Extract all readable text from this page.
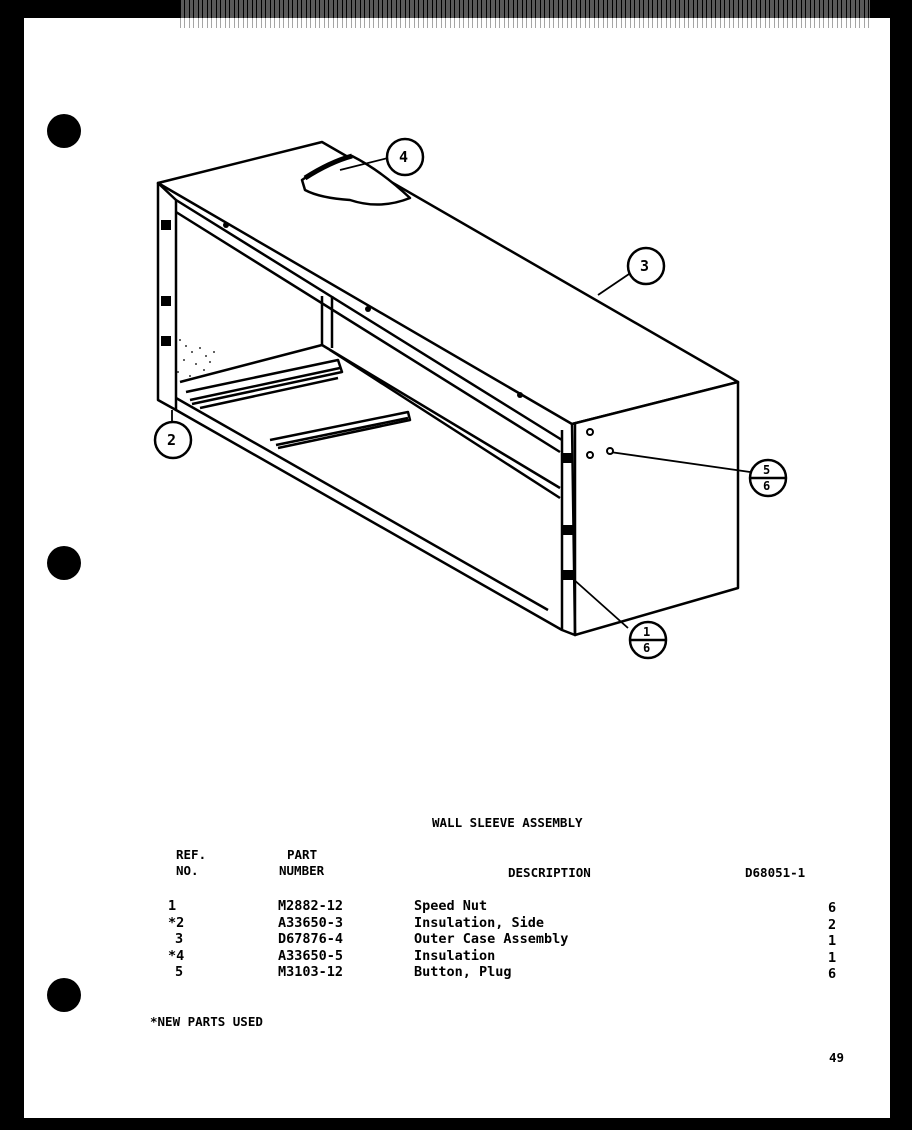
4
3
2
5
6
1
6
WALL SLEEVE ASSEMBLY
REF.
NO.
PART
NUMBER	DESCRIPTION	D68051-1
1	M2882-12	Speed Nut	6
*2	A33650-3	Insulation, Side	2
3	D67876-4	Outer Case Assembly	1
*4	A33650-5	Insulation	1
5	M3103-12	Button, Plug	6
*NEW PARTS USED
49
